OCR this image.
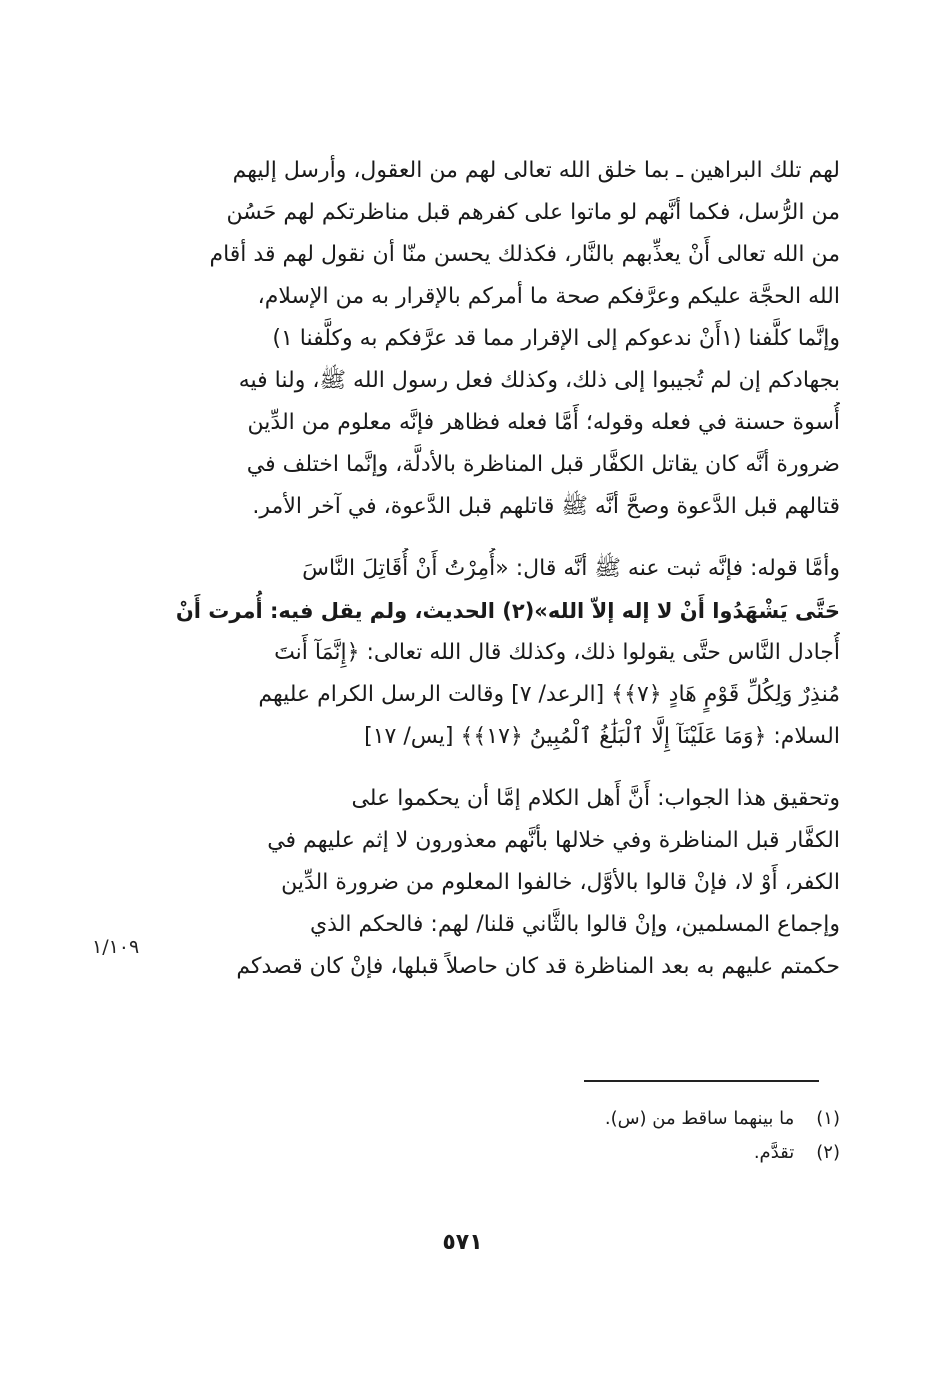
لهم تلك البراهين ـ بما خلق الله تعالى لهم من العقول، وأرسل إليهم
من الرُّسل، فكما أنَّهم لو ماتوا على كفرهم قبل مناظرتكم لهم حَسُن
من الله تعالى أَنْ يعذِّبهم بالنَّار، فكذلك يحسن منّا أن نقول لهم قد أقام
الله الحجَّة عليكم وعرَّفكم صحة ما أمركم بالإقرار به من الإسلام،
وإنَّما كلَّفنا (١أَنْ ندعوكم إلى الإقرار مما قد عرَّفكم به وكلَّفنا ١)
بجهادكم إن لم تُجيبوا إلى ذلك، وكذلك فعل رسول الله ﷺ، ولنا فيه
أُسوة حسنة في فعله وقوله؛ أَمَّا فعله فظاهر فإنَّه معلوم من الدِّين
ضرورة أنَّه كان يقاتل الكفَّار قبل المناظرة بالأدلَّة، وإنَّما اختلف في
قتالهم قبل الدَّعوة وصحَّ أنَّه ﷺ قاتلهم قبل الدَّعوة، في آخر الأمر.

وأمَّا قوله: فإنَّه ثبت عنه ﷺ أنَّه قال: «أُمِرْتُ أَنْ أُقَاتِلَ النَّاسَ
حَتَّى يَشْهَدُوا أَنْ لا إله إلاّ الله»(٢) الحديث، ولم يقل فيه: أُمرت أَنْ
أُجادل النَّاس حتَّى يقولوا ذلك، وكذلك قال الله تعالى: ﴿إِنَّمَآ أَنتَ
مُنذِرٌ وَلِكُلِّ قَوْمٍ هَادٍ ﴿٧﴾﴾ [الرعد/ ٧] وقالت الرسل الكرام عليهم
السلام: ﴿وَمَا عَلَيْنَآ إِلَّا ٱلْبَلَٰغُ ٱلْمُبِينُ ﴿١٧﴾﴾ [يس/ ١٧]

وتحقيق هذا الجواب: أَنَّ أَهل الكلام إمَّا أن يحكموا على
الكفَّار قبل المناظرة وفي خلالها بأنَّهم معذورون لا إثم عليهم في
الكفر، أَوْ لا، فإنْ قالوا بالأوَّل، خالفوا المعلوم من ضرورة الدِّين
وإجماع المسلمين، وإنْ قالوا بالثَّاني قلنا/ لهم: فالحكم الذي
حكمتم عليهم به بعد المناظرة قد كان حاصلاً قبلها، فإنْ كان قصدكم

١/١٠٩
(١) ما بينهما ساقط من (س).
(٢) تقدَّم.
٥٧١
